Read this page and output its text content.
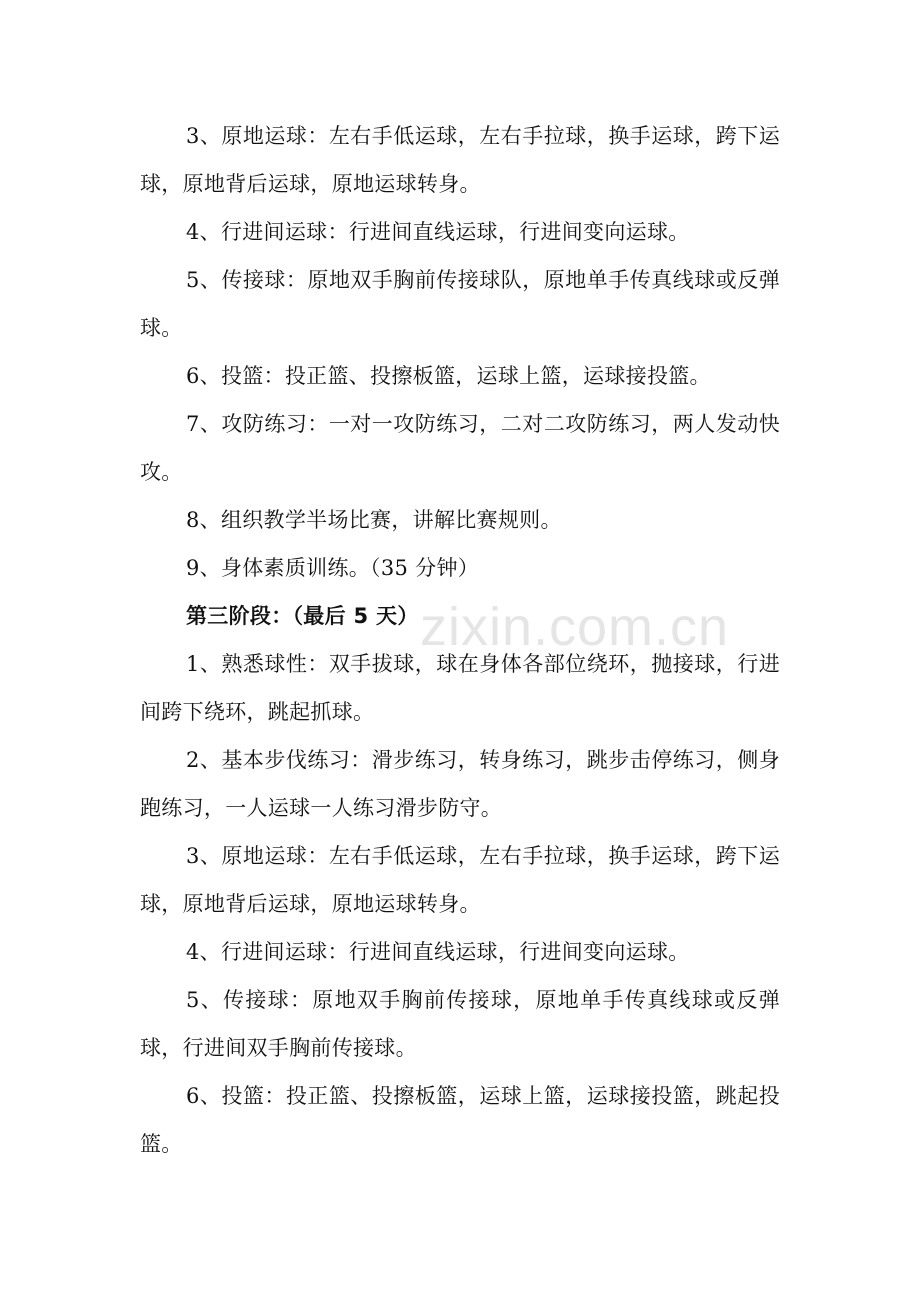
3、原地运球：左右手低运球，左右手拉球，换手运球，跨下运球，原地背后运球，原地运球转身。

4、行进间运球：行进间直线运球，行进间变向运球。

5、传接球：原地双手胸前传接球队，原地单手传真线球或反弹球。

6、投篮：投正篮、投擦板篮，运球上篮，运球接投篮。

7、攻防练习：一对一攻防练习，二对二攻防练习，两人发动快攻。

8、组织教学半场比赛，讲解比赛规则。

9、身体素质训练。（35 分钟）

第三阶段：（最后 5 天）

1、熟悉球性：双手拔球，球在身体各部位绕环，抛接球，行进间跨下绕环，跳起抓球。

2、基本步伐练习：滑步练习，转身练习，跳步击停练习，侧身跑练习，一人运球一人练习滑步防守。

3、原地运球：左右手低运球，左右手拉球，换手运球，跨下运球，原地背后运球，原地运球转身。

4、行进间运球：行进间直线运球，行进间变向运球。

5、传接球：原地双手胸前传接球，原地单手传真线球或反弹球，行进间双手胸前传接球。

6、投篮：投正篮、投擦板篮，运球上篮，运球接投篮，跳起投篮。

zixin.com.cn
